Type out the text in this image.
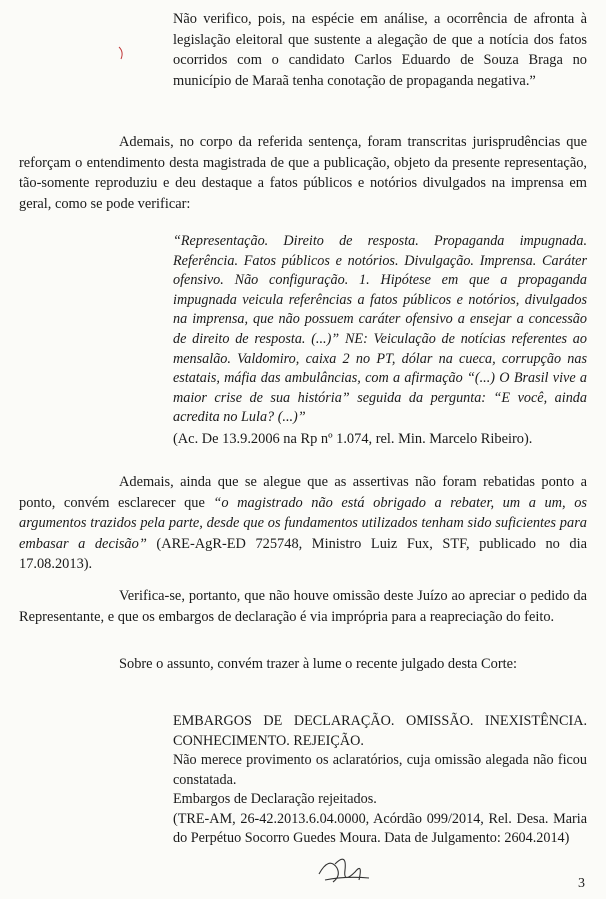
Não verifico, pois, na espécie em análise, a ocorrência de afronta à legislação eleitoral que sustente a alegação de que a notícia dos fatos ocorridos com o candidato Carlos Eduardo de Souza Braga no município de Maraã tenha conotação de propaganda negativa.”

Ademais, no corpo da referida sentença, foram transcritas jurisprudências que reforçam o entendimento desta magistrada de que a publicação, objeto da presente representação, tão-somente reproduziu e deu destaque a fatos públicos e notórios divulgados na imprensa em geral, como se pode verificar:

“Representação. Direito de resposta. Propaganda impugnada. Referência. Fatos públicos e notórios. Divulgação. Imprensa. Caráter ofensivo. Não configuração. 1. Hipótese em que a propaganda impugnada veicula referências a fatos públicos e notórios, divulgados na imprensa, que não possuem caráter ofensivo a ensejar a concessão de direito de resposta. (...)” NE: Veiculação de notícias referentes ao mensalão. Valdomiro, caixa 2 no PT, dólar na cueca, corrupção nas estatais, máfia das ambulâncias, com a afirmação “(...) O Brasil vive a maior crise de sua história” seguida da pergunta: “E você, ainda acredita no Lula? (...)”

(Ac. De 13.9.2006 na Rp nº 1.074, rel. Min. Marcelo Ribeiro).

Ademais, ainda que se alegue que as assertivas não foram rebatidas ponto a ponto, convém esclarecer que “o magistrado não está obrigado a rebater, um a um, os argumentos trazidos pela parte, desde que os fundamentos utilizados tenham sido suficientes para embasar a decisão” (ARE-AgR-ED 725748, Ministro Luiz Fux, STF, publicado no dia 17.08.2013).

Verifica-se, portanto, que não houve omissão deste Juízo ao apreciar o pedido da Representante, e que os embargos de declaração é via imprópria para a reapreciação do feito.

Sobre o assunto, convém trazer à lume o recente julgado desta Corte:

EMBARGOS DE DECLARAÇÃO. OMISSÃO. INEXISTÊNCIA. CONHECIMENTO. REJEIÇÃO.
Não merece provimento os aclaratórios, cuja omissão alegada não ficou constatada.
Embargos de Declaração rejeitados.
(TRE-AM, 26-42.2013.6.04.0000, Acórdão 099/2014, Rel. Desa. Maria do Perpétuo Socorro Guedes Moura. Data de Julgamento: 2604.2014)
3
